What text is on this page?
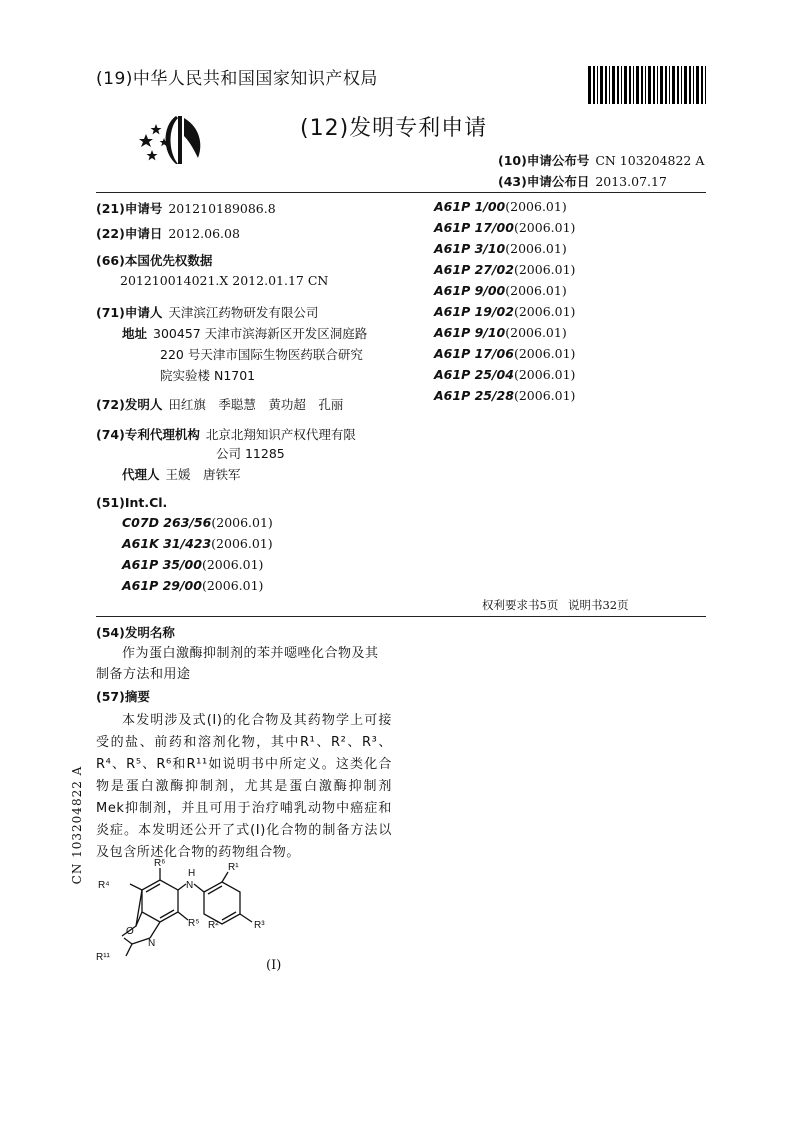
(19)中华人民共和国国家知识产权局
(12)发明专利申请
(10)申请公布号 CN 103204822 A
(43)申请公布日 2013.07.17
(21)申请号 201210189086.8
(22)申请日 2012.06.08
(66)本国优先权数据
201210014021.X 2012.01.17 CN
(71)申请人 天津滨江药物研发有限公司
地址 300457 天津市滨海新区开发区洞庭路
220 号天津市国际生物医药联合研究
院实验楼 N1701
(72)发明人 田红旗　季聪慧　黄功超　孔丽
(74)专利代理机构 北京北翔知识产权代理有限
公司 11285
代理人 王媛　唐铁军
(51)Int.Cl.
C07D 263/56(2006.01)
A61K 31/423(2006.01)
A61P 35/00(2006.01)
A61P 29/00(2006.01)
A61P 1/00(2006.01)
A61P 17/00(2006.01)
A61P 3/10(2006.01)
A61P 27/02(2006.01)
A61P 9/00(2006.01)
A61P 19/02(2006.01)
A61P 9/10(2006.01)
A61P 17/06(2006.01)
A61P 25/04(2006.01)
A61P 25/28(2006.01)
权利要求书5页 说明书32页
(54)发明名称
作为蛋白激酶抑制剂的苯并噁唑化合物及其
制备方法和用途
(57)摘要
本发明涉及式(I)的化合物及其药物学上可接受的盐、前药和溶剂化物，其中R¹、R²、R³、R⁴、R⁵、R⁶和R¹¹如说明书中所定义。这类化合物是蛋白激酶抑制剂，尤其是蛋白激酶抑制剂Mek抑制剂，并且可用于治疗哺乳动物中癌症和炎症。本发明还公开了式(I)化合物的制备方法以及包含所述化合物的药物组合物。
R⁶
R⁴
R⁵
R¹¹
N
H
O
N
R¹
R²	R³
(I)
CN 103204822 A
